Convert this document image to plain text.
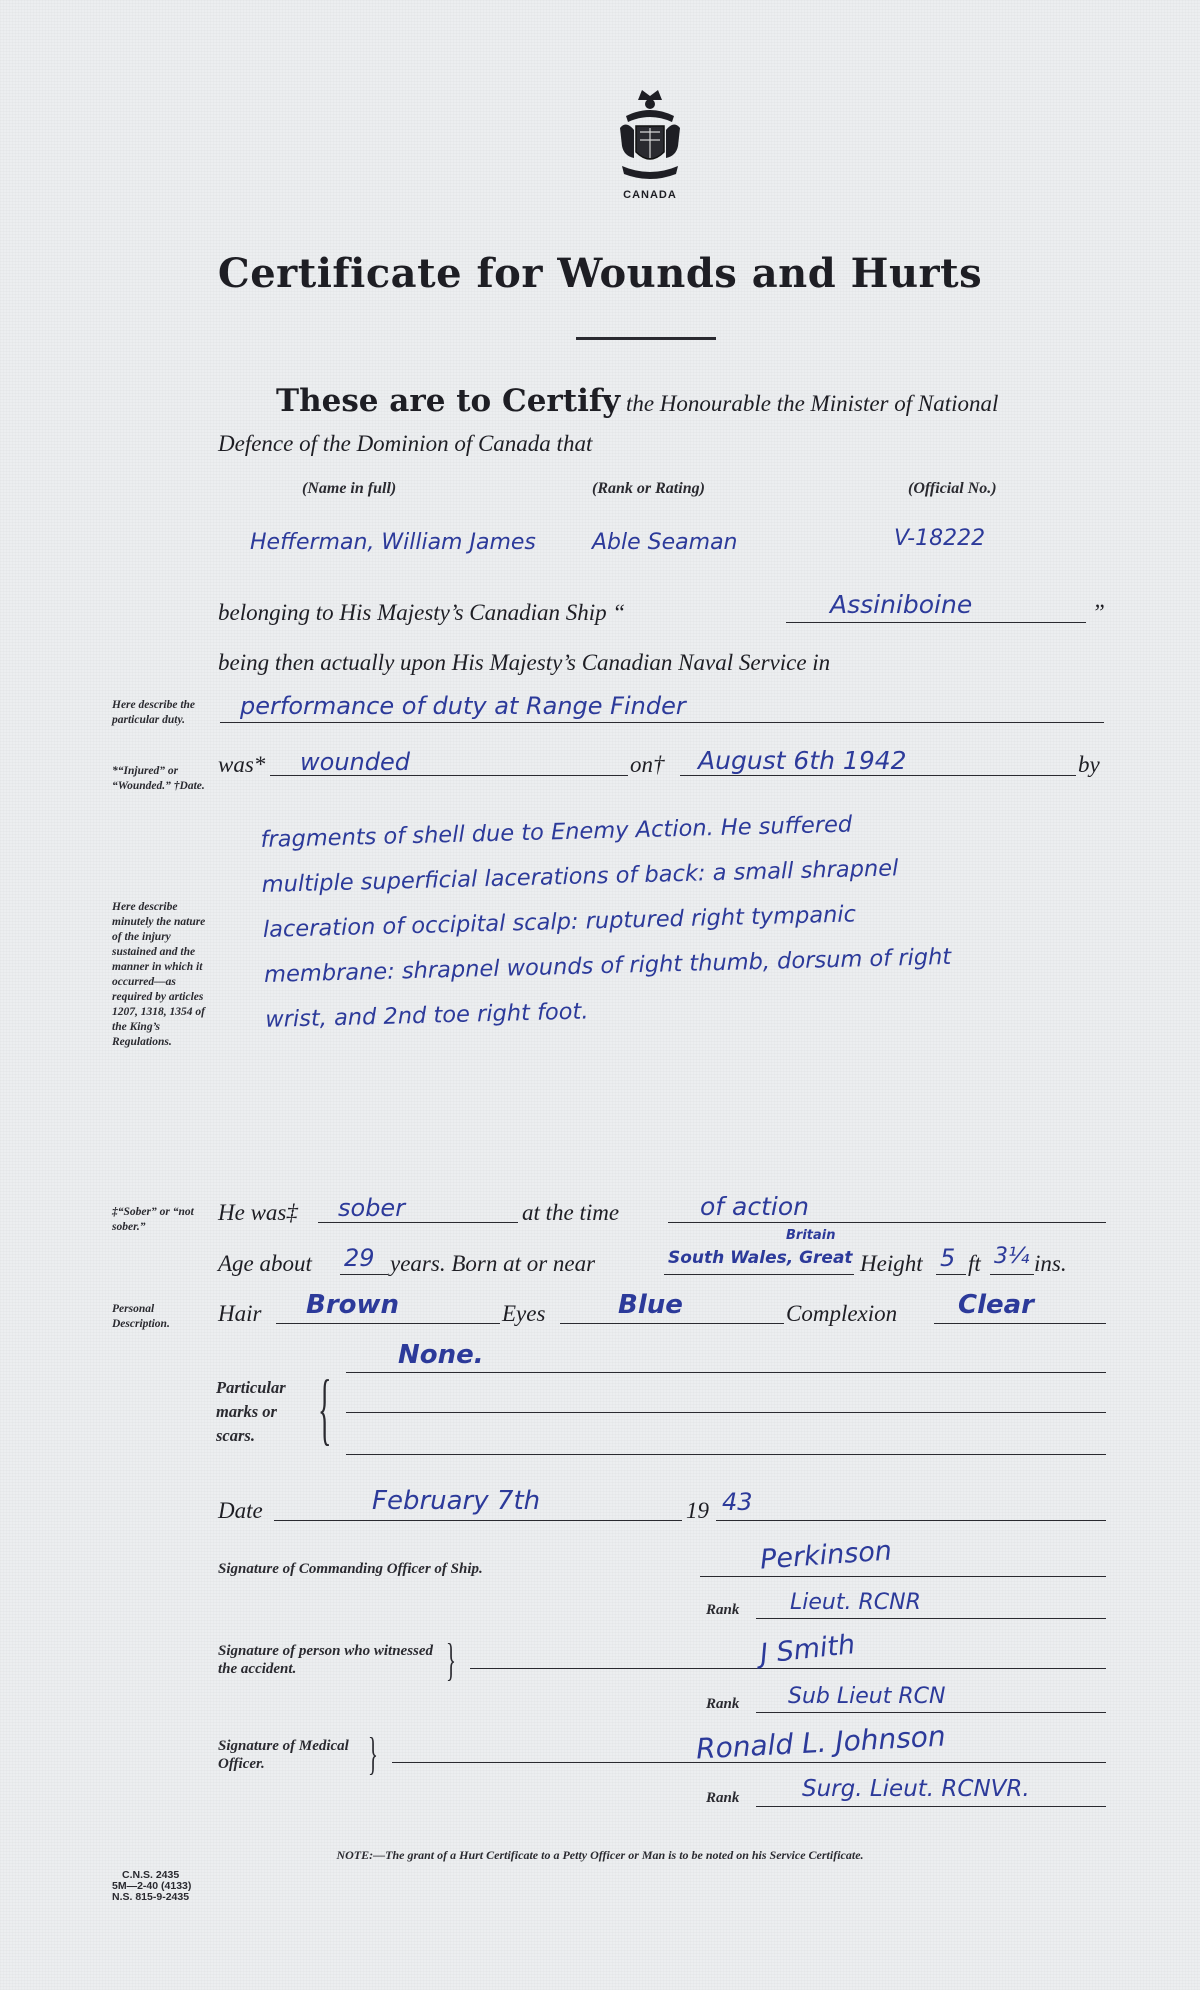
CANADA
Certificate for Wounds and Hurts
These are to Certify the Honourable the Minister of National
Defence of the Dominion of Canada that
(Name in full)	(Rank or Rating)	(Official No.)
Hefferman, William James	Able Seaman	V-18222
belonging to His Majesty’s Canadian Ship “	Assiniboine	”
being then actually upon His Majesty’s Canadian Naval Service in
Here describe the particular duty.
*“Injured” or “Wounded.” †Date.
Here describe minutely the nature of the injury sustained and the manner in which it occurred—as required by articles 1207, 1318, 1354 of the King’s Regulations.
‡“Sober” or “not sober.”
Personal Description.
performance of duty at Range Finder
was* wounded	on† August 6th 1942	by
fragments of shell due to Enemy Action. He suffered
multiple superficial lacerations of back: a small shrapnel
laceration of occipital scalp: ruptured right tympanic
membrane: shrapnel wounds of right thumb, dorsum of right
wrist, and 2nd toe right foot.
He was‡ sober	at the time	of action
Age about 29 years. Born at or near	South Wales, Great
Britain
Height 5 ft 3¼ ins.
Hair Brown	Eyes	Blue	Complexion Clear
Particular marks or scars. {
None.
Date	February 7th	19 43
Signature of Commanding Officer of Ship.	Perkinson
Rank Lieut. RCNR
Signature of person who witnessed the accident.	}	J Smith
Rank Sub Lieut RCN
Signature of Medical Officer.	}	Ronald L. Johnson
Rank	Surg. Lieut. RCNVR.
NOTE:—The grant of a Hurt Certificate to a Petty Officer or Man is to be noted on his Service Certificate.
C.N.S. 2435
5M—2-40 (4133)
N.S. 815-9-2435
